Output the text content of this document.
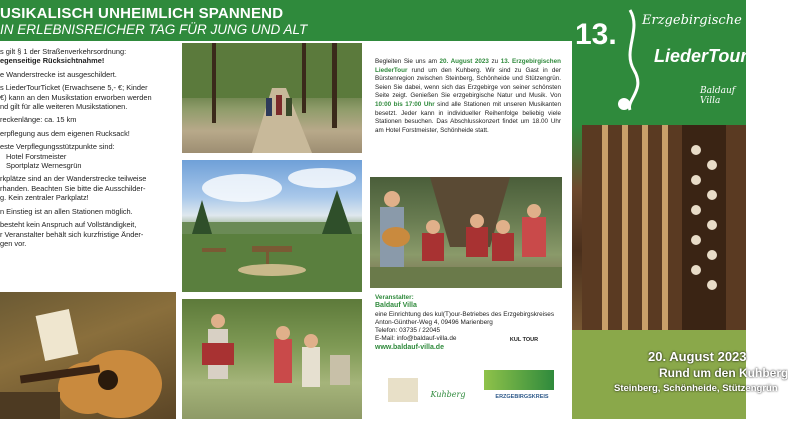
USIKALISCH UNHEIMLICH SPANNEND
IN ERLEBNISREICHER TAG FÜR JUNG UND ALT

s gilt § 1 der Straßenverkehrsordnung:
egenseitige Rücksichtnahme!

e Wanderstrecke ist ausgeschildert.

s LiederTourTicket (Erwachsene 5,- €; Kinder
€) kann an den Musikstation erworben werden
nd gilt für alle weiteren Musikstationen.

reckenlänge: ca. 15 km

erpflegung aus dem eigenen Rucksack!

este Verpflegungsstützpunkte sind:
Hotel Forstmeister
Sportplatz Wernesgrün

rkplätze sind an der Wanderstrecke teilweise
rhanden. Beachten Sie bitte die Ausschilder-
g. Kein zentraler Parkplatz!

n Einstieg ist an allen Stationen möglich.

besteht kein Anspruch auf Vollständigkeit,
r Veranstalter behält sich kurzfristige Änder-
gen vor.

Begleiten Sie uns am 20. August 2023 zu 13. Erzgebirgischen LiederTour rund um den Kuhberg. Wir sind zu Gast in der Bürstenregion zwischen Steinberg, Schönheide und Stützengrün. Seien Sie dabei, wenn sich das Erzgebirge von seiner schönsten Seite zeigt. Genießen Sie erzgebirgische Natur und Musik. Von 10:00 bis 17:00 Uhr sind alle Stationen mit unseren Musikanten besetzt. Jeder kann in individueller Reihenfolge beliebig viele Stationen besuchen. Das Abschlusskonzert findet um 18.00 Uhr am Hotel Forstmeister, Schönheide statt.
Veranstalter:
Baldauf Villa
eine Einrichtung des kul(T)our-Betriebes des Erzgebirgskreises
Anton-Günther-Weg 4, 09496 Marienberg
Telefon: 03735 / 22045
E-Mail: info@baldauf-villa.de
www.baldauf-villa.de
KUL TOUR
Kuhberg	ERZGEBIRGSKREIS
13. Erzgebirgische
LiederTour
Baldauf
Villa
20. August 2023
Rund um den Kuhberg
Steinberg, Schönheide, Stützengrün
